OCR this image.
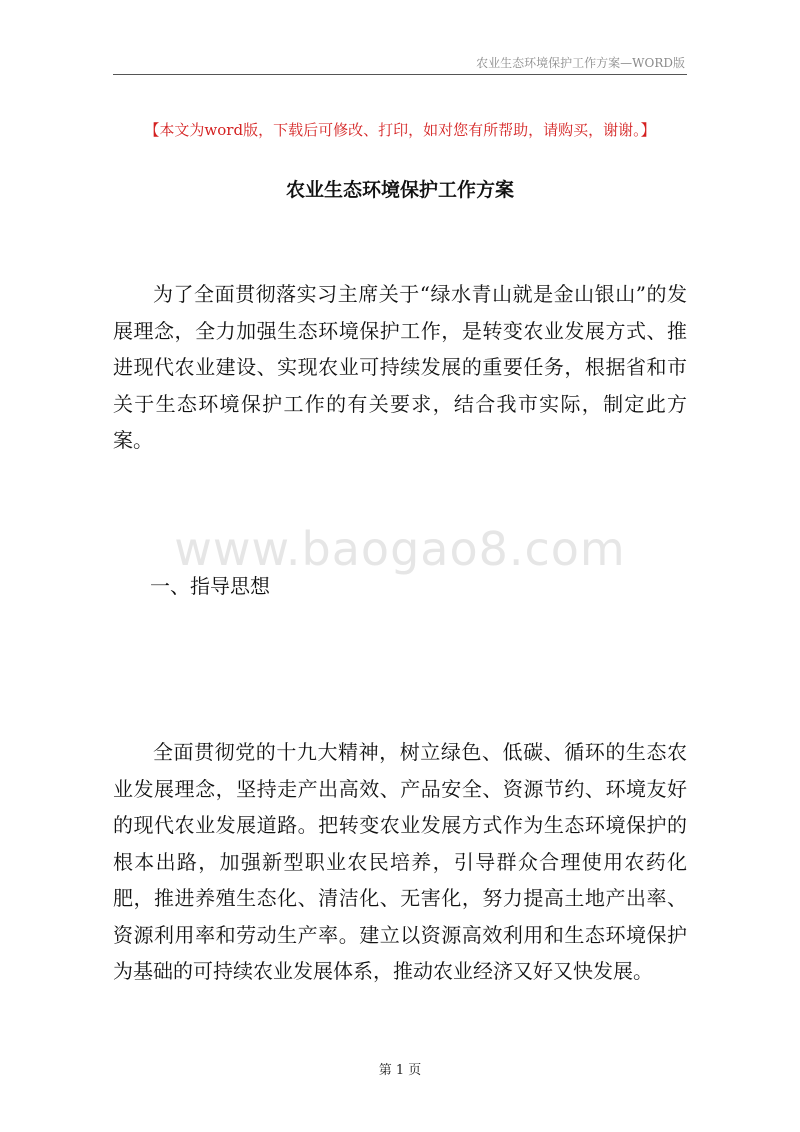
农业生态环境保护工作方案—WORD版
【本文为word版，下载后可修改、打印，如对您有所帮助，请购买，谢谢。】
农业生态环境保护工作方案

为了全面贯彻落实习主席关于“绿水青山就是金山银山”的发展理念，全力加强生态环境保护工作，是转变农业发展方式、推进现代农业建设、实现农业可持续发展的重要任务，根据省和市关于生态环境保护工作的有关要求，结合我市实际，制定此方案。

www.baogao8.com
一、指导思想

全面贯彻党的十九大精神，树立绿色、低碳、循环的生态农业发展理念，坚持走产出高效、产品安全、资源节约、环境友好的现代农业发展道路。把转变农业发展方式作为生态环境保护的根本出路，加强新型职业农民培养，引导群众合理使用农药化肥，推进养殖生态化、清洁化、无害化，努力提高土地产出率、资源利用率和劳动生产率。建立以资源高效利用和生态环境保护为基础的可持续农业发展体系，推动农业经济又好又快发展。

第 1 页
